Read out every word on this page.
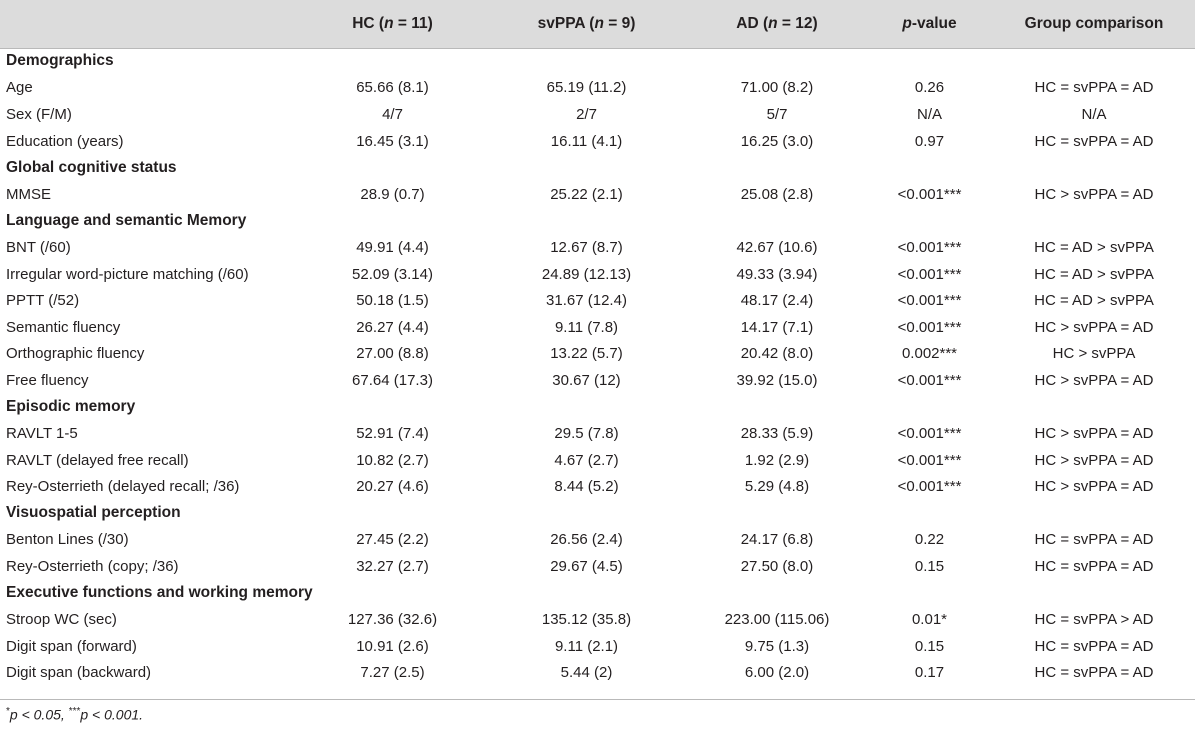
	HC (n = 11)	svPPA (n = 9)	AD (n = 12)	p-value	Group comparison
Demographics					
Age	65.66 (8.1)	65.19 (11.2)	71.00 (8.2)	0.26	HC = svPPA = AD
Sex (F/M)	4/7	2/7	5/7	N/A	N/A
Education (years)	16.45 (3.1)	16.11 (4.1)	16.25 (3.0)	0.97	HC = svPPA = AD
Global cognitive status					
MMSE	28.9 (0.7)	25.22 (2.1)	25.08 (2.8)	<0.001***	HC > svPPA = AD
Language and semantic Memory					
BNT (/60)	49.91 (4.4)	12.67 (8.7)	42.67 (10.6)	<0.001***	HC = AD > svPPA
Irregular word-picture matching (/60)	52.09 (3.14)	24.89 (12.13)	49.33 (3.94)	<0.001***	HC = AD > svPPA
PPTT (/52)	50.18 (1.5)	31.67 (12.4)	48.17 (2.4)	<0.001***	HC = AD > svPPA
Semantic fluency	26.27 (4.4)	9.11 (7.8)	14.17 (7.1)	<0.001***	HC > svPPA = AD
Orthographic fluency	27.00 (8.8)	13.22 (5.7)	20.42 (8.0)	0.002***	HC > svPPA
Free fluency	67.64 (17.3)	30.67 (12)	39.92 (15.0)	<0.001***	HC > svPPA = AD
Episodic memory					
RAVLT 1-5	52.91 (7.4)	29.5 (7.8)	28.33 (5.9)	<0.001***	HC > svPPA = AD
RAVLT (delayed free recall)	10.82 (2.7)	4.67 (2.7)	1.92 (2.9)	<0.001***	HC > svPPA = AD
Rey-Osterrieth (delayed recall; /36)	20.27 (4.6)	8.44 (5.2)	5.29 (4.8)	<0.001***	HC > svPPA = AD
Visuospatial perception					
Benton Lines (/30)	27.45 (2.2)	26.56 (2.4)	24.17 (6.8)	0.22	HC = svPPA = AD
Rey-Osterrieth (copy; /36)	32.27 (2.7)	29.67 (4.5)	27.50 (8.0)	0.15	HC = svPPA = AD
Executive functions and working memory					
Stroop WC (sec)	127.36 (32.6)	135.12 (35.8)	223.00 (115.06)	0.01*	HC = svPPA > AD
Digit span (forward)	10.91 (2.6)	9.11 (2.1)	9.75 (1.3)	0.15	HC = svPPA = AD
Digit span (backward)	7.27 (2.5)	5.44 (2)	6.00 (2.0)	0.17	HC = svPPA = AD
*p < 0.05, ***p < 0.001.
